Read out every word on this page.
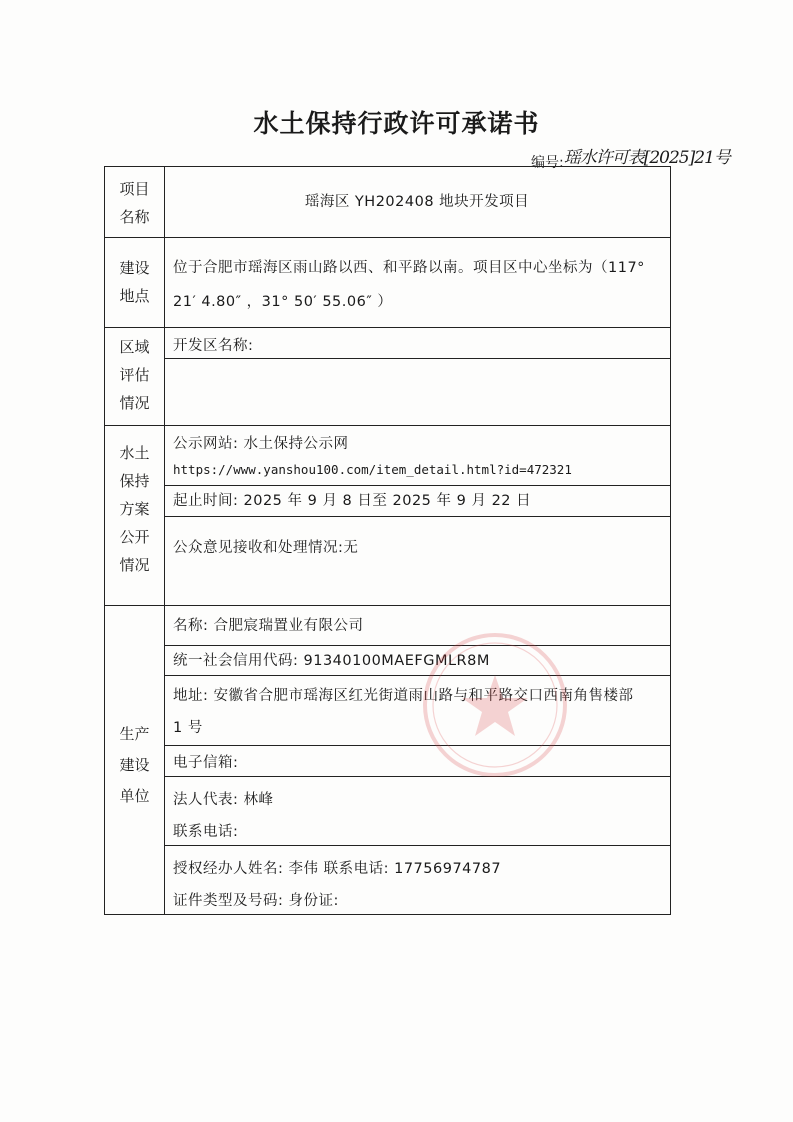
水土保持行政许可承诺书
编号:瑶水许可表[2025]21号
项目
名称
瑶海区 YH202408 地块开发项目
建设
地点
位于合肥市瑶海区雨山路以西、和平路以南。项目区中心坐标为（117°
21′ 4.80″ ，31° 50′ 55.06″ ）
区域
评估
情况
开发区名称:
水土
保持
方案
公开
情况
公示网站: 水土保持公示网
https://www.yanshou100.com/item_detail.html?id=472321
起止时间: 2025 年 9 月 8 日至 2025 年 9 月 22 日
公众意见接收和处理情况:无
生产
建设
单位
名称: 合肥宸瑞置业有限公司
统一社会信用代码: 91340100MAEFGMLR8M
地址: 安徽省合肥市瑶海区红光街道雨山路与和平路交口西南角售楼部
1 号
电子信箱:
法人代表: 林峰
联系电话:
授权经办人姓名: 李伟 联系电话: 17756974787
证件类型及号码: 身份证:
